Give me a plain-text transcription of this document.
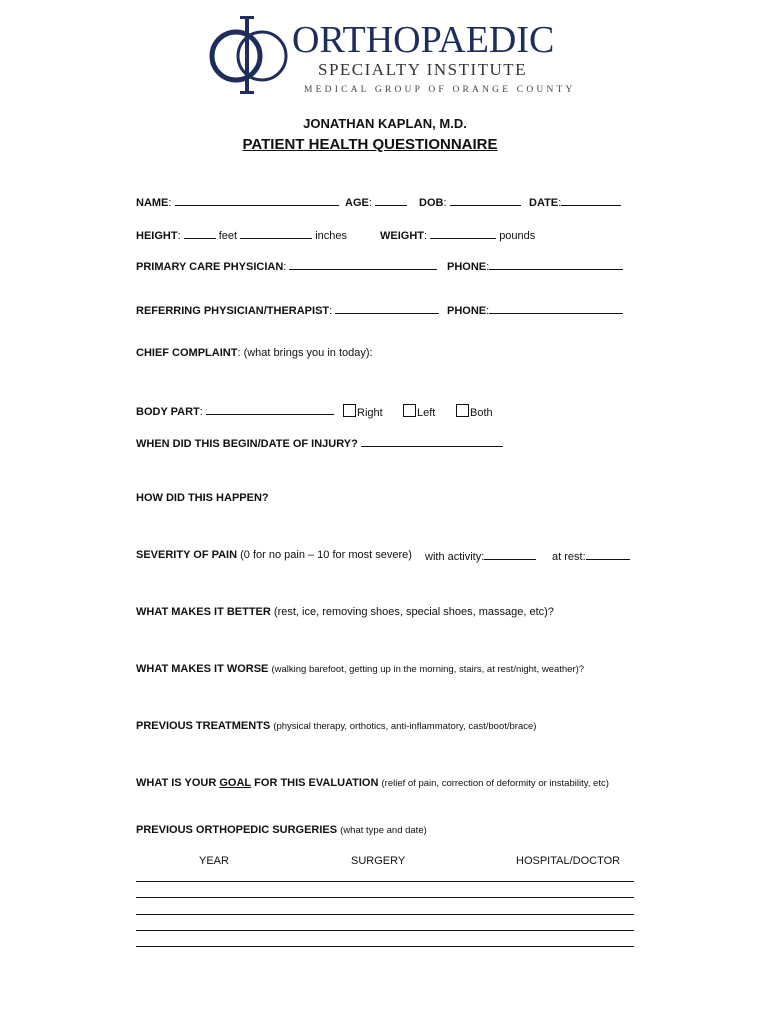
ORTHOPAEDIC
SPECIALTY INSTITUTE
MEDICAL GROUP OF ORANGE COUNTY
JONATHAN KAPLAN, M.D.
PATIENT HEALTH QUESTIONNAIRE
NAME:	AGE:	DOB:	DATE:
HEIGHT:	feet	inches	WEIGHT:	pounds
PRIMARY CARE PHYSICIAN:	PHONE:
REFERRING PHYSICIAN/THERAPIST:	PHONE:
CHIEF COMPLAINT: (what brings you in today):
BODY PART:	Right	Left	Both
WHEN DID THIS BEGIN/DATE OF INJURY?
HOW DID THIS HAPPEN?
SEVERITY OF PAIN (0 for no pain – 10 for most severe) with activity:	at rest:
WHAT MAKES IT BETTER (rest, ice, removing shoes, special shoes, massage, etc)?
WHAT MAKES IT WORSE (walking barefoot, getting up in the morning, stairs, at rest/night, weather)?
PREVIOUS TREATMENTS (physical therapy, orthotics, anti-inflammatory, cast/boot/brace)
WHAT IS YOUR GOAL FOR THIS EVALUATION (relief of pain, correction of deformity or instability, etc)
PREVIOUS ORTHOPEDIC SURGERIES (what type and date)
YEAR	SURGERY	HOSPITAL/DOCTOR
